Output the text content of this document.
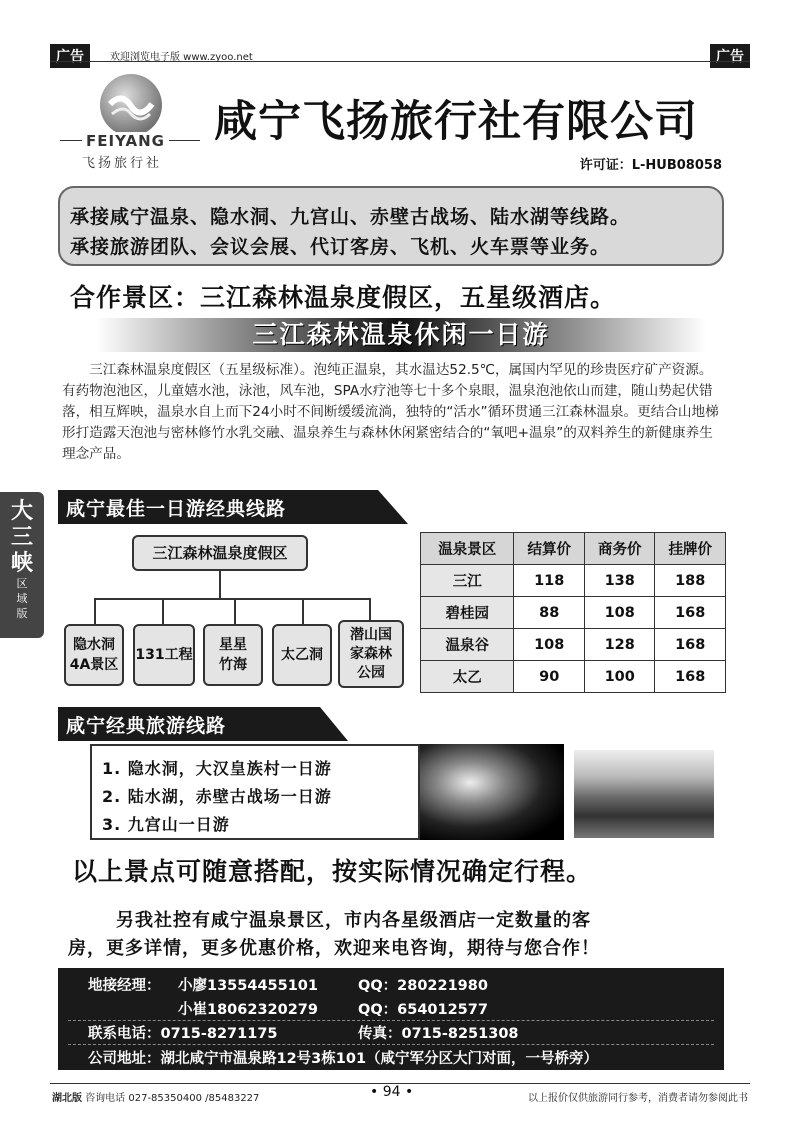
广告	欢迎浏览电子版 www.zyoo.net	广告
FEIYANG
飞扬旅行社
咸宁飞扬旅行社有限公司
许可证：L-HUB08058
承接咸宁温泉、隐水洞、九宫山、赤壁古战场、陆水湖等线路。
承接旅游团队、会议会展、代订客房、飞机、火车票等业务。
合作景区：三江森林温泉度假区，五星级酒店。
三江森林温泉休闲一日游
三江森林温泉度假区（五星级标准）。泡纯正温泉，其水温达52.5℃，属国内罕见的珍贵医疗矿产资源。有药物泡池区，儿童嬉水池，泳池，风车池，SPA水疗池等七十多个泉眼，温泉泡池依山而建，随山势起伏错落，相互辉映，温泉水自上而下24小时不间断缓缓流淌，独特的“活水”循环贯通三江森林温泉。更结合山地梯形打造露天泡池与密林修竹水乳交融、温泉养生与森林休闲紧密结合的“氧吧+温泉”的双料养生的新健康养生理念产品。
大
三
峡
区
域
版
咸宁最佳一日游经典线路
三江森林温泉度假区
隐水洞
4A景区
131工程
星星
竹海
太乙洞
潜山国
家森林
公园
温泉景区	结算价	商务价	挂牌价
三江	118	138	188
碧桂园	88	108	168
温泉谷	108	128	168
太乙	90	100	168
咸宁经典旅游线路
1. 隐水洞，大汉皇族村一日游
2. 陆水湖，赤壁古战场一日游
3. 九宫山一日游
以上景点可随意搭配，按实际情况确定行程。
另我社控有咸宁温泉景区，市内各星级酒店一定数量的客
房，更多详情，更多优惠价格，欢迎来电咨询，期待与您合作！
地接经理： 小廖13554455101	QQ：280221980
小崔18062320279	QQ：654012577
联系电话：0715-8271175	传真：0715-8251308
公司地址：湖北咸宁市温泉路12号3栋101（咸宁军分区大门对面，一号桥旁）
湖北版 咨询电话 027-85350400 /85483227	• 94 •	以上报价仅供旅游同行参考，消费者请勿参阅此书
